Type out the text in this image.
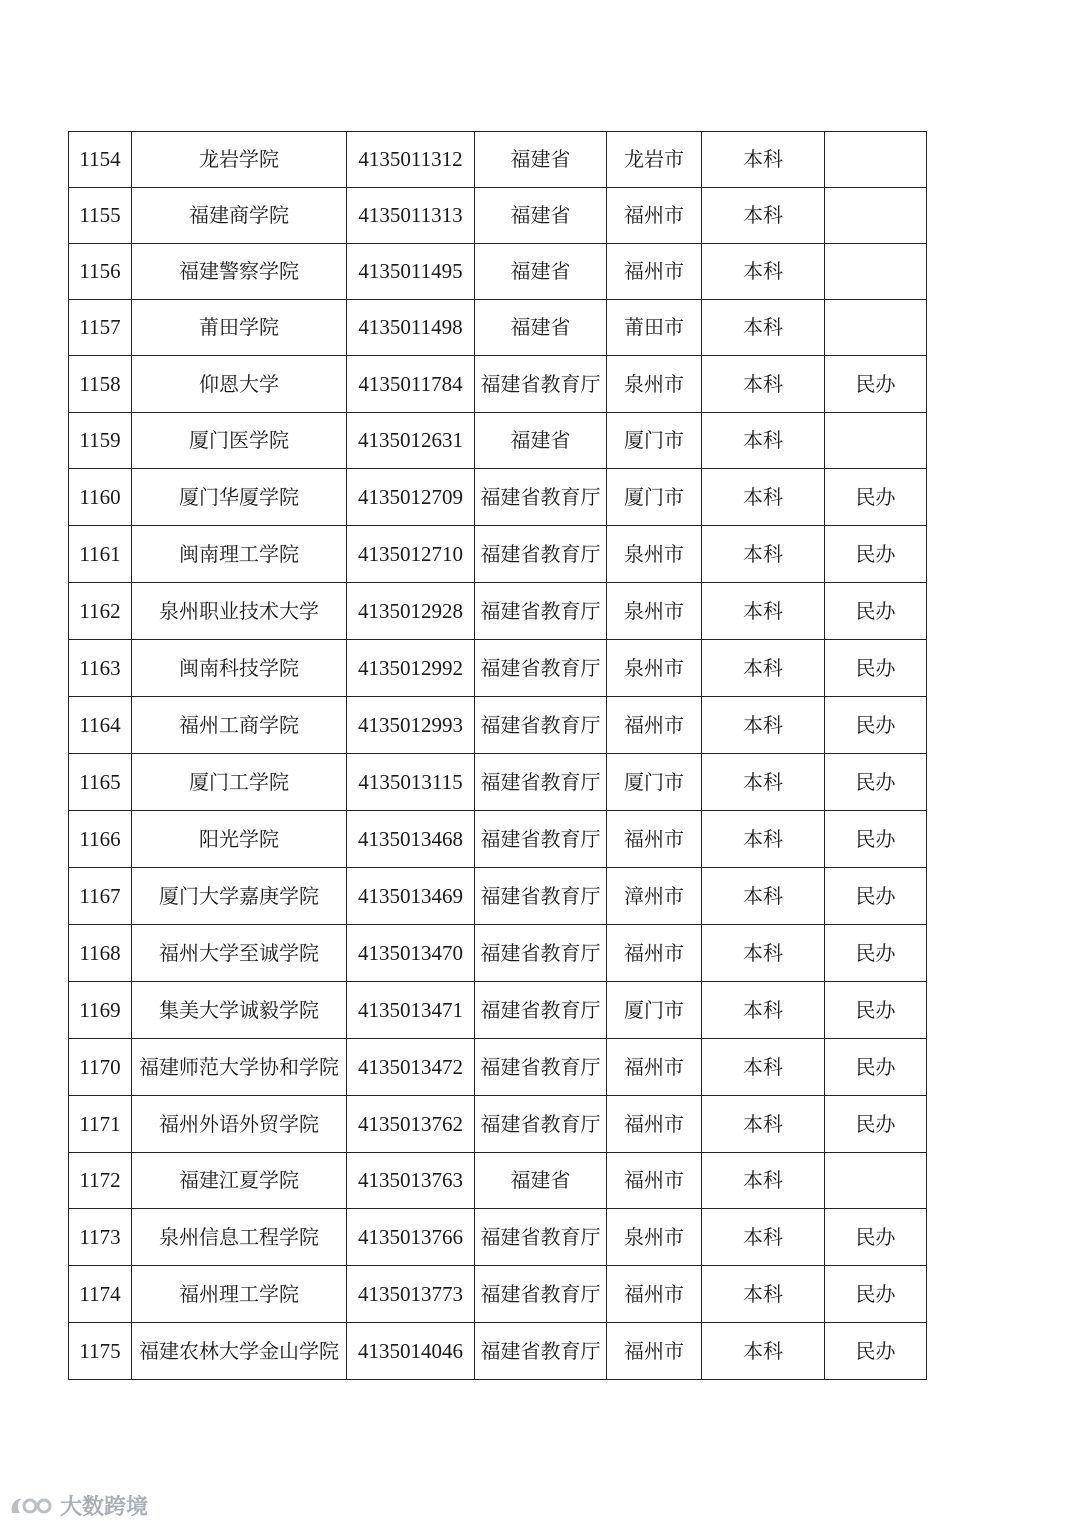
1154	龙岩学院	4135011312	福建省	龙岩市	本科	
1155	福建商学院	4135011313	福建省	福州市	本科	
1156	福建警察学院	4135011495	福建省	福州市	本科	
1157	莆田学院	4135011498	福建省	莆田市	本科	
1158	仰恩大学	4135011784	福建省教育厅	泉州市	本科	民办
1159	厦门医学院	4135012631	福建省	厦门市	本科	
1160	厦门华厦学院	4135012709	福建省教育厅	厦门市	本科	民办
1161	闽南理工学院	4135012710	福建省教育厅	泉州市	本科	民办
1162	泉州职业技术大学	4135012928	福建省教育厅	泉州市	本科	民办
1163	闽南科技学院	4135012992	福建省教育厅	泉州市	本科	民办
1164	福州工商学院	4135012993	福建省教育厅	福州市	本科	民办
1165	厦门工学院	4135013115	福建省教育厅	厦门市	本科	民办
1166	阳光学院	4135013468	福建省教育厅	福州市	本科	民办
1167	厦门大学嘉庚学院	4135013469	福建省教育厅	漳州市	本科	民办
1168	福州大学至诚学院	4135013470	福建省教育厅	福州市	本科	民办
1169	集美大学诚毅学院	4135013471	福建省教育厅	厦门市	本科	民办
1170	福建师范大学协和学院	4135013472	福建省教育厅	福州市	本科	民办
1171	福州外语外贸学院	4135013762	福建省教育厅	福州市	本科	民办
1172	福建江夏学院	4135013763	福建省	福州市	本科	
1173	泉州信息工程学院	4135013766	福建省教育厅	泉州市	本科	民办
1174	福州理工学院	4135013773	福建省教育厅	福州市	本科	民办
1175	福建农林大学金山学院	4135014046	福建省教育厅	福州市	本科	民办
大数跨境
